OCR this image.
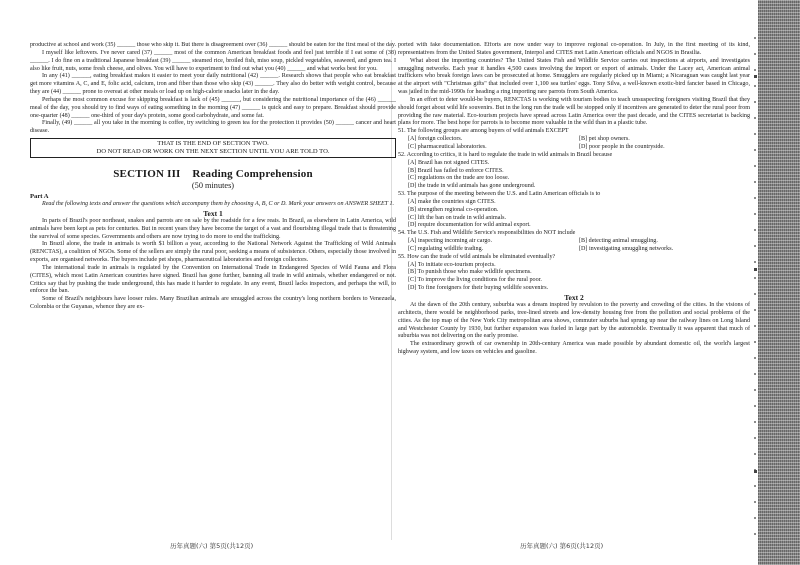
productive at school and work (35) ______ those who skip it. But there is disagreement over (36) ______ should be eaten for the first meal of the day.

I myself like leftovers. I've never cared (37) ______ most of the common American breakfast foods and feel just terrible if I eat some of (38) ______. I do fine on a traditional Japanese breakfast (39) ______ steamed rice, broiled fish, miso soup, pickled vegetables, seaweed, and green tea. I also like fruit, nuts, some fresh cheese, and olives. You will have to experiment to find out what you (40) ______ and what works best for you.

In any (41) ______, eating breakfast makes it easier to meet your daily nutritional (42) ______. Research shows that people who eat breakfast get more vitamins A, C, and E, folic acid, calcium, iron and fiber than those who skip (43) ______. They also do better with weight control, because they are (44) ______ prone to overeat at other meals or load up on high-calorie snacks later in the day.

Perhaps the most common excuse for skipping breakfast is lack of (45) ______, but considering the nutritional importance of the (46) ______ meal of the day, you should try to find ways of eating something in the morning (47) ______ is quick and easy to prepare. Breakfast should provide one-quarter (48) ______ one-third of your day's protein, some good carbohydrate, and some fat.

Finally, (49) ______ all you take in the morning is coffee, try switching to green tea for the protection it provides (50) ______ cancer and heart disease.

THAT IS THE END OF SECTION TWO.
DO NOT READ OR WORK ON THE NEXT SECTION UNTIL YOU ARE TOLD TO.
SECTION III    Reading Comprehension
(50 minutes)
Part A

Read the following texts and answer the questions which accompany them by choosing A, B, C or D. Mark your answers on ANSWER SHEET 1.

Text 1

In parts of Brazil's poor northeast, snakes and parrots are on sale by the roadside for a few reais. In Brazil, as elsewhere in Latin America, wild animals have been kept as pets for centuries. But in recent years they have become the target of a vast and flourishing illegal trade that is threatening the survival of some species. Governments and others are now trying to do more to end the trafficking.

In Brazil alone, the trade in animals is worth $1 billion a year, according to the National Network Against the Trafficking of Wild Animals (RENCTAS), a coalition of NGOs. Some of the sellers are simply the rural poor, seeking a means of subsistence. Others, especially those involved in exports, are organised networks. The buyers include pet shops, pharmaceutical laboratories and foreign collectors.

The international trade in animals is regulated by the Convention on International Trade in Endangered Species of Wild Fauna and Flora (CITES), which most Latin American countries have signed. Brazil has gone further, banning all trade in wild animals, whether endangered or not. Critics say that by pushing the trade underground, this has made it harder to regulate. In any event, Brazil lacks inspectors, and perhaps the will, to enforce the ban.

Some of Brazil's neighbours have looser rules. Many Brazilian animals are smuggled across the country's long northern borders to Venezuela, Colombia or the Guyanas, whence they are ex-

ported with fake documentation. Efforts are now under way to improve regional co-operation. In July, in the first meeting of its kind, representatives from the United States government, Interpol and CITES met Latin American officials and NGOS in Brasilia.

What about the importing countries? The United States Fish and Wildlife Service carries out inspections at airports, and investigates smuggling networks. Each year it handles 4,500 cases involving the import or export of animals. Under the Lacey act, American animal traffickers who break foreign laws can be prosecuted at home. Smugglers are regularly picked up in Miami; a Nicaraguan was caught last year at the airport with "Christmas gifts" that included over 1,100 sea turtles' eggs. Tony Silva, a well-known exotic-bird fancier based in Chicago, was jailed in the mid-1990s for heading a ring importing rare parrots from South America.

In an effort to deter would-be buyers, RENCTAS is working with tourism bodies to teach unsuspecting foreigners visiting Brazil that they should forget about wild life souvenirs. But in the long run the trade will be stopped only if incentives are generated to deter the rural poor from providing the raw material. Eco-tourism projects have spread across Latin America over the past decade, and the CITES secretariat is backing plans for more. The best hope for parrots is to become more valuable in the wild than in a plastic tube.

51. The following groups are among buyers of wild animals EXCEPT

[A] foreign collectors.	[B] pet shop owners.
[C] pharmaceutical laboratories.	[D] poor people in the countryside.

52. According to critics, it is hard to regulate the trade in wild animals in Brazil because

[A] Brazil has not signed CITES.

[B] Brazil has failed to enforce CITES.

[C] regulations on the trade are too loose.

[D] the trade in wild animals has gone underground.

53. The purpose of the meeting between the U.S. and Latin American officials is to

[A] make the countries sign CITES.

[B] strengthen regional co-operation.

[C] lift the ban on trade in wild animals.

[D] require documentation for wild animal export.

54. The U.S. Fish and Wildlife Service's responsibilities do NOT include

[A] inspecting incoming air cargo.	[B] detecting animal smuggling.
[C] regulating wildlife trading.	[D] investigating smuggling networks.

55. How can the trade of wild animals be eliminated eventually?

[A] To initiate eco-tourism projects.

[B] To punish those who make wildlife specimens.

[C] To improve the living conditions for the rural poor.

[D] To fine foreigners for their buying wildlife souvenirs.

Text 2

At the dawn of the 20th century, suburbia was a dream inspired by revulsion to the poverty and crowding of the cities. In the visions of architects, there would be neighborhood parks, tree-lined streets and low-density housing free from the pollution and social problems of the cities. As the top map of the New York City metropolitan area shows, commuter suburbs had sprung up near the railway lines on Long Island and Westchester County by 1930, but further expansion was fueled in large part by the automobile. Eventually it was apparent that much of suburbia was not delivering on the early promise.

The extraordinary growth of car ownership in 20th-century America was made possible by abundant domestic oil, the world's largest highway system, and low taxes on vehicles and gasoline.

历年真题(六) 第5页(共12页)	历年真题(六) 第6页(共12页)
